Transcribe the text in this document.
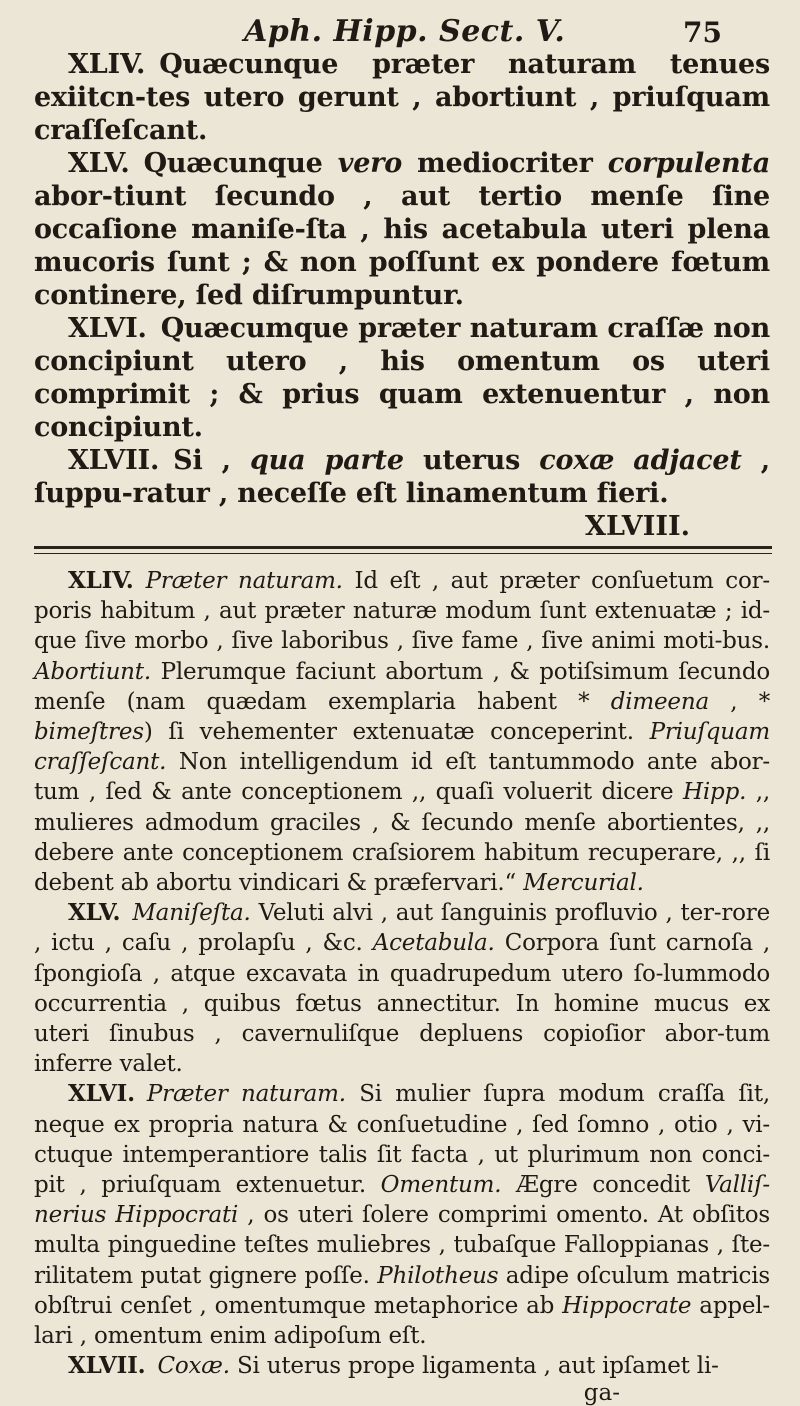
Aph. Hipp. Sect. V.	75

XLIV. Quæcunque præter naturam tenues exiitcn-tes utero gerunt , abortiunt , priuſquam craſſeſcant.

XLV. Quæcunque vero mediocriter corpulenta abor-tiunt ſecundo , aut tertio menſe ſine occaſione maniſe-ſta , his acetabula uteri plena mucoris ſunt ; & non poſſunt ex pondere fœtum continere, ſed diſrumpuntur.

XLVI. Quæcumque præter naturam craſſæ non concipiunt utero , his omentum os uteri comprimit ; & prius quam extenuentur , non concipiunt.

XLVII. Si , qua parte uterus coxæ adjacet , ſuppu-ratur , neceſſe eſt linamentum fieri.

XLVIII.

XLIV. Præter naturam. Id eſt , aut præter conſuetum cor-poris habitum , aut præter naturæ modum ſunt extenuatæ ; id-que ſive morbo , ſive laboribus , ſive fame , ſive animi moti-bus. Abortiunt. Plerumque faciunt abortum , & potiſsimum ſecundo menſe (nam quædam exemplaria habent * dimeena , * bimeſtres) ſi vehementer extenuatæ conceperint. Priuſquam craſſeſcant. Non intelligendum id eſt tantummodo ante abor-tum , ſed & ante conceptionem ,, quaſi voluerit dicere Hipp. ,, mulieres admodum graciles , & ſecundo menſe abortientes, ,, debere ante conceptionem craſsiorem habitum recuperare, ,, ſi debent ab abortu vindicari & præfervari.“ Mercurial.

XLV. Maniſeſta. Veluti alvi , aut ſanguinis profluvio , ter-rore , ictu , caſu , prolapſu , &c. Acetabula. Corpora ſunt carnoſa , ſpongioſa , atque excavata in quadrupedum utero ſo-lummodo occurrentia , quibus fœtus annectitur. In homine mucus ex uteri ſinubus , cavernuliſque depluens copioſior abor-tum inferre valet.

XLVI. Præter naturam. Si mulier ſupra modum craſſa ſit, neque ex propria natura & conſuetudine , ſed ſomno , otio , vi-ctuque intemperantiore talis ſit facta , ut plurimum non conci-pit , priuſquam extenuetur. Omentum. Ægre concedit Valliſ-nerius Hippocrati , os uteri ſolere comprimi omento. At obſitos multa pinguedine teſtes muliebres , tubaſque Falloppianas , ſte-rilitatem putat gignere poſſe. Philotheus adipe oſculum matricis obſtrui cenſet , omentumque metaphorice ab Hippocrate appel-lari , omentum enim adipoſum eſt.

XLVII. Coxæ. Si uterus prope ligamenta , aut ipſamet li-

ga-
